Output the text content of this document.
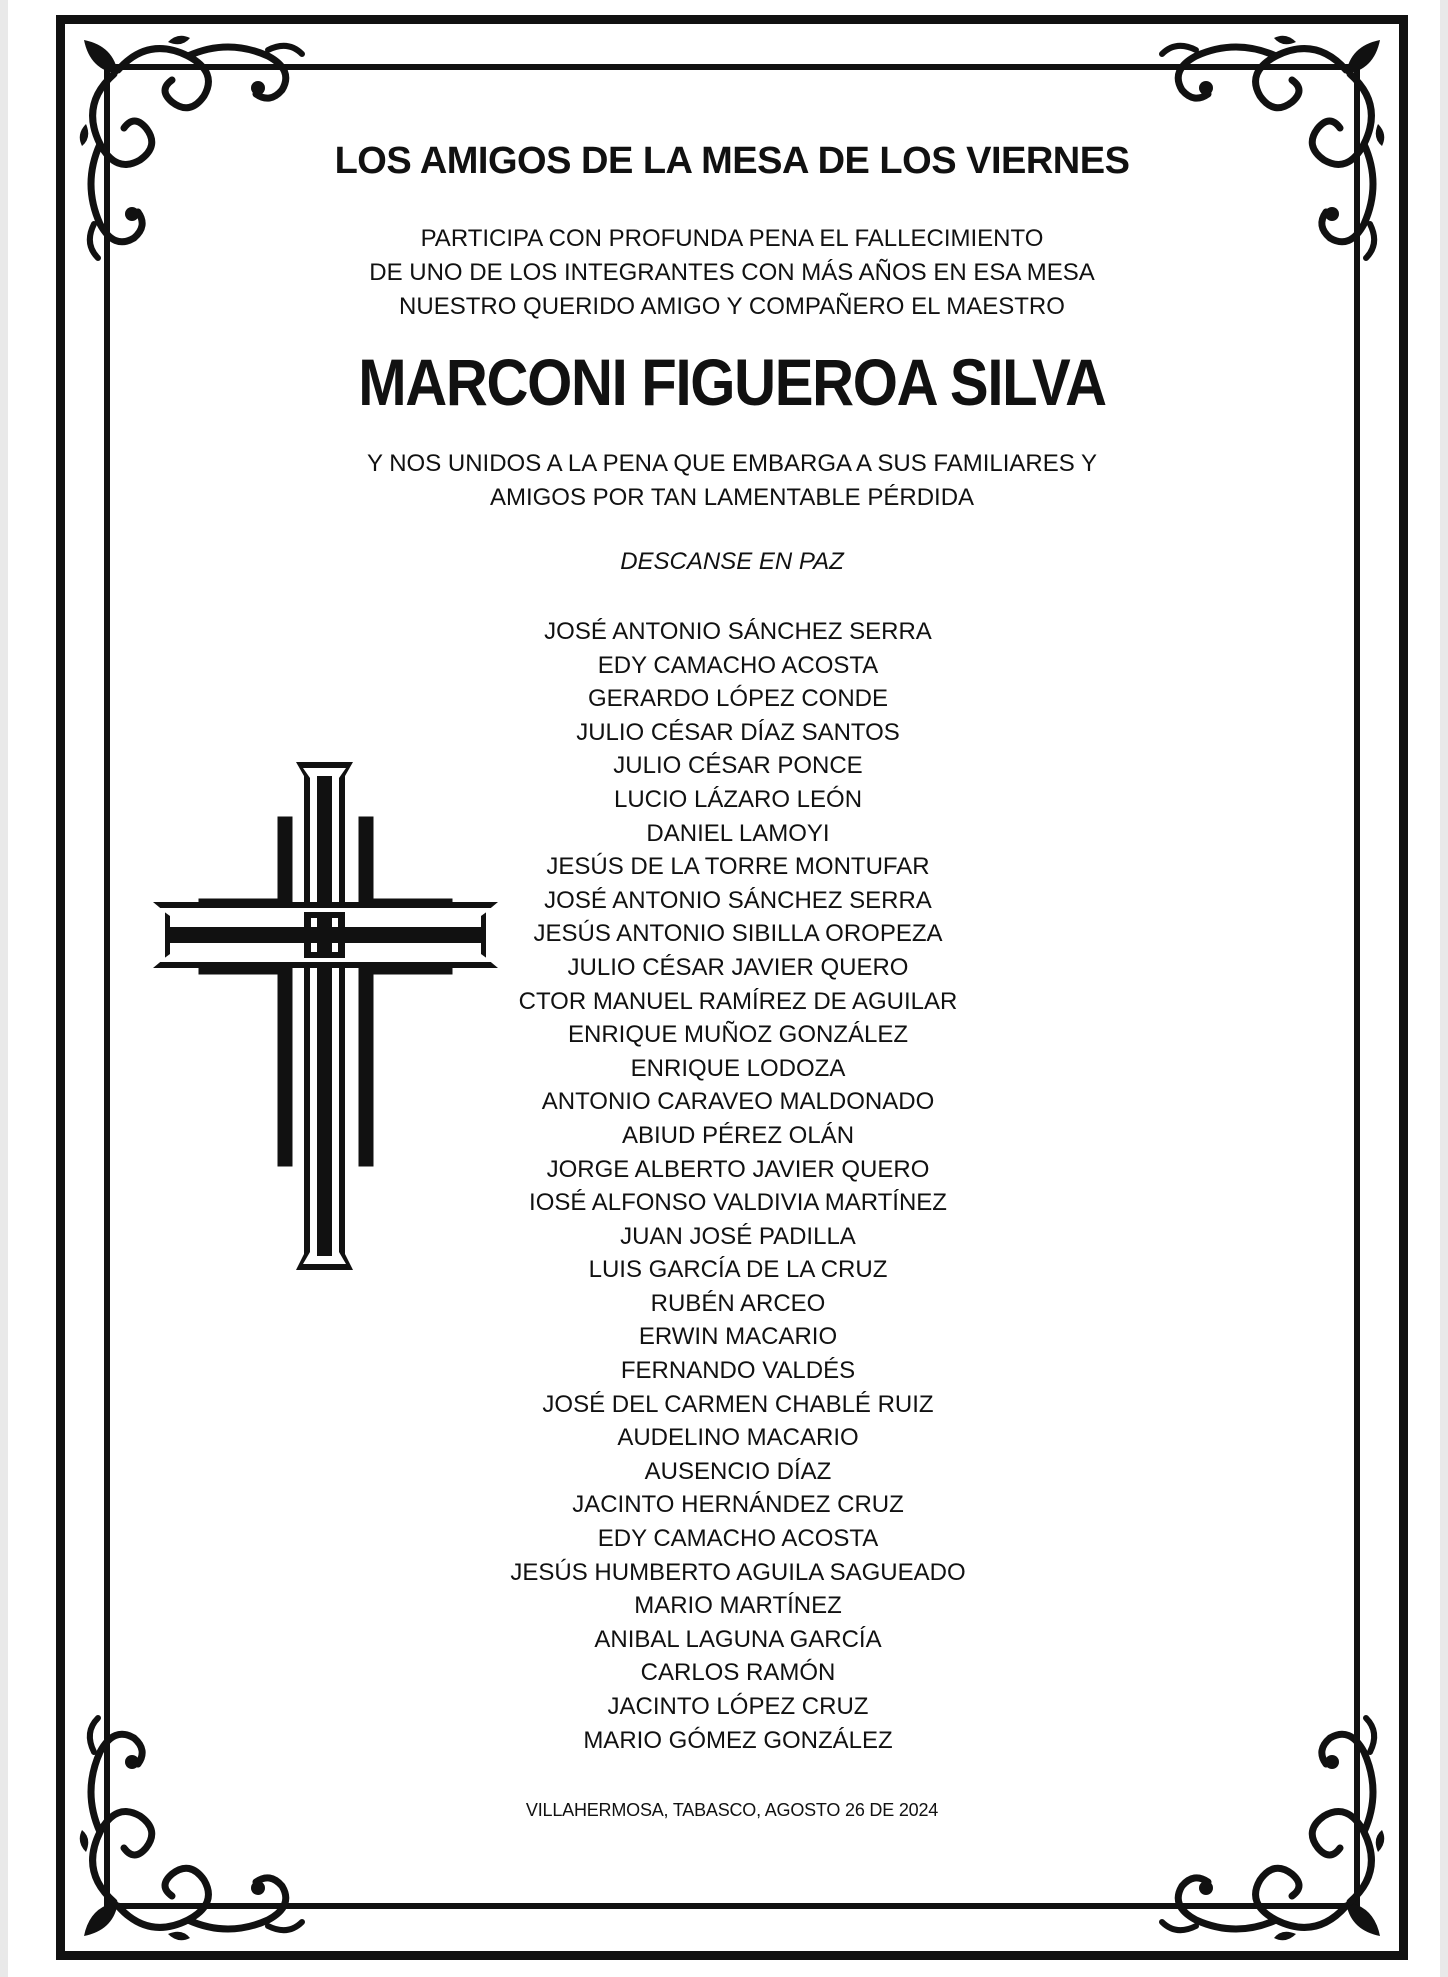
LOS AMIGOS DE LA MESA DE LOS VIERNES
PARTICIPA CON PROFUNDA PENA EL FALLECIMIENTO
DE UNO DE LOS INTEGRANTES CON MÁS AÑOS EN ESA MESA
NUESTRO QUERIDO AMIGO Y COMPAÑERO EL MAESTRO
MARCONI FIGUEROA SILVA
Y NOS UNIDOS A LA PENA QUE EMBARGA A SUS FAMILIARES Y
AMIGOS POR TAN LAMENTABLE PÉRDIDA
DESCANSE EN PAZ
JOSÉ ANTONIO SÁNCHEZ SERRA
EDY CAMACHO ACOSTA
GERARDO LÓPEZ CONDE
JULIO CÉSAR DÍAZ SANTOS
JULIO CÉSAR PONCE
LUCIO LÁZARO LEÓN
DANIEL LAMOYI
JESÚS DE LA TORRE MONTUFAR
JOSÉ ANTONIO SÁNCHEZ SERRA
JESÚS ANTONIO SIBILLA OROPEZA
JULIO CÉSAR JAVIER QUERO
CTOR MANUEL RAMÍREZ DE AGUILAR
ENRIQUE MUÑOZ GONZÁLEZ
ENRIQUE LODOZA
ANTONIO CARAVEO MALDONADO
ABIUD PÉREZ OLÁN
JORGE ALBERTO JAVIER QUERO
IOSÉ ALFONSO VALDIVIA MARTÍNEZ
JUAN JOSÉ PADILLA
LUIS GARCÍA DE LA CRUZ
RUBÉN ARCEO
ERWIN MACARIO
FERNANDO VALDÉS
JOSÉ DEL CARMEN CHABLÉ RUIZ
AUDELINO MACARIO
AUSENCIO DÍAZ
JACINTO HERNÁNDEZ CRUZ
EDY CAMACHO ACOSTA
JESÚS HUMBERTO AGUILA SAGUEADO
MARIO MARTÍNEZ
ANIBAL LAGUNA GARCÍA
CARLOS RAMÓN
JACINTO LÓPEZ CRUZ
MARIO GÓMEZ GONZÁLEZ
VILLAHERMOSA, TABASCO, AGOSTO 26 DE 2024
